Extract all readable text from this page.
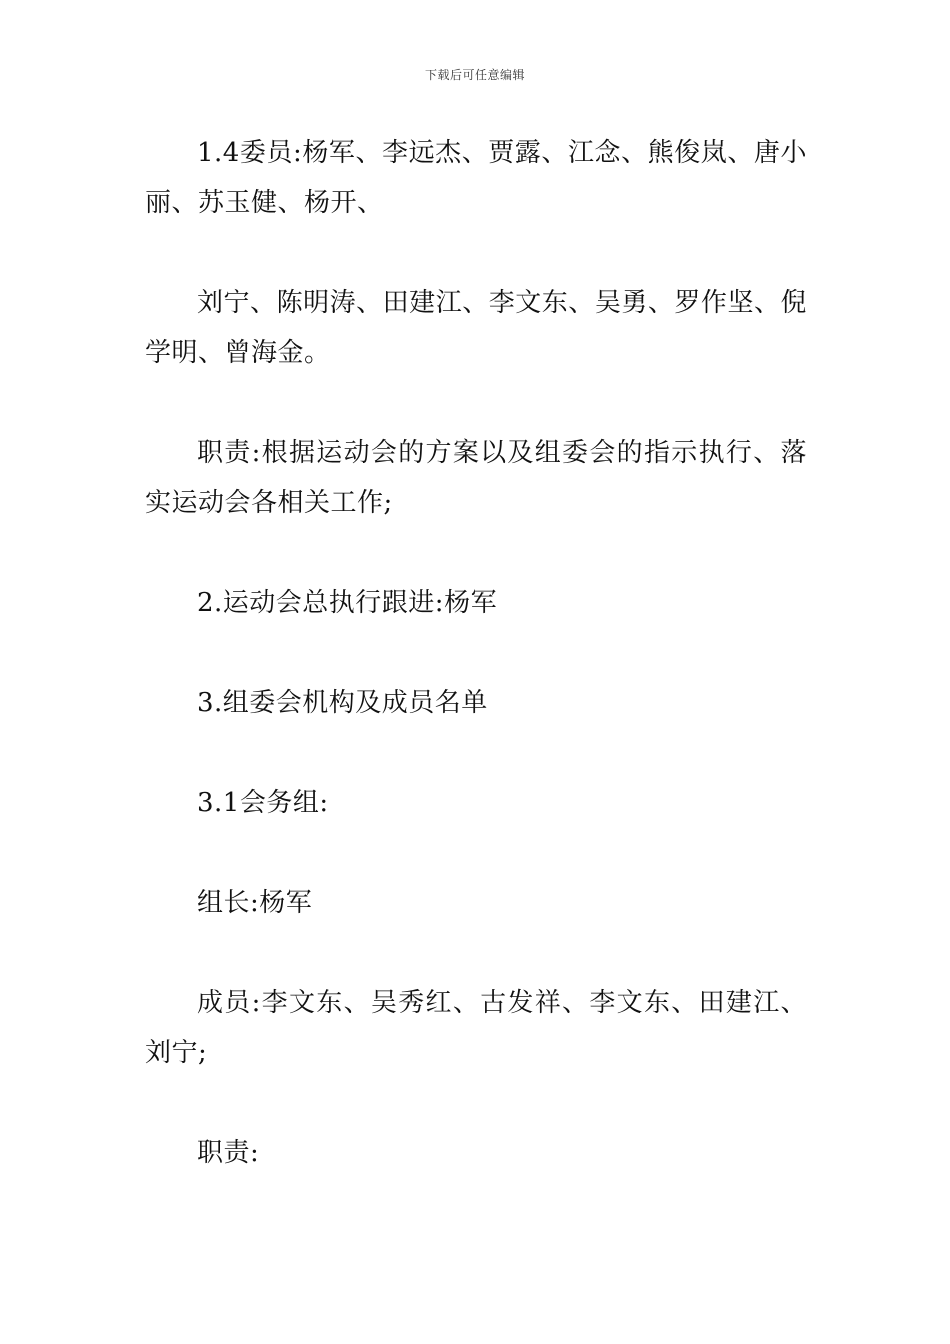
下载后可任意编辑

1.4委员:杨军、李远杰、贾露、江念、熊俊岚、唐小丽、苏玉健、杨开、

刘宁、陈明涛、田建江、李文东、吴勇、罗作坚、倪学明、曾海金。

职责:根据运动会的方案以及组委会的指示执行、落实运动会各相关工作;

2.运动会总执行跟进:杨军

3.组委会机构及成员名单

3.1会务组:

组长:杨军

成员:李文东、吴秀红、古发祥、李文东、田建江、刘宁;

职责:
